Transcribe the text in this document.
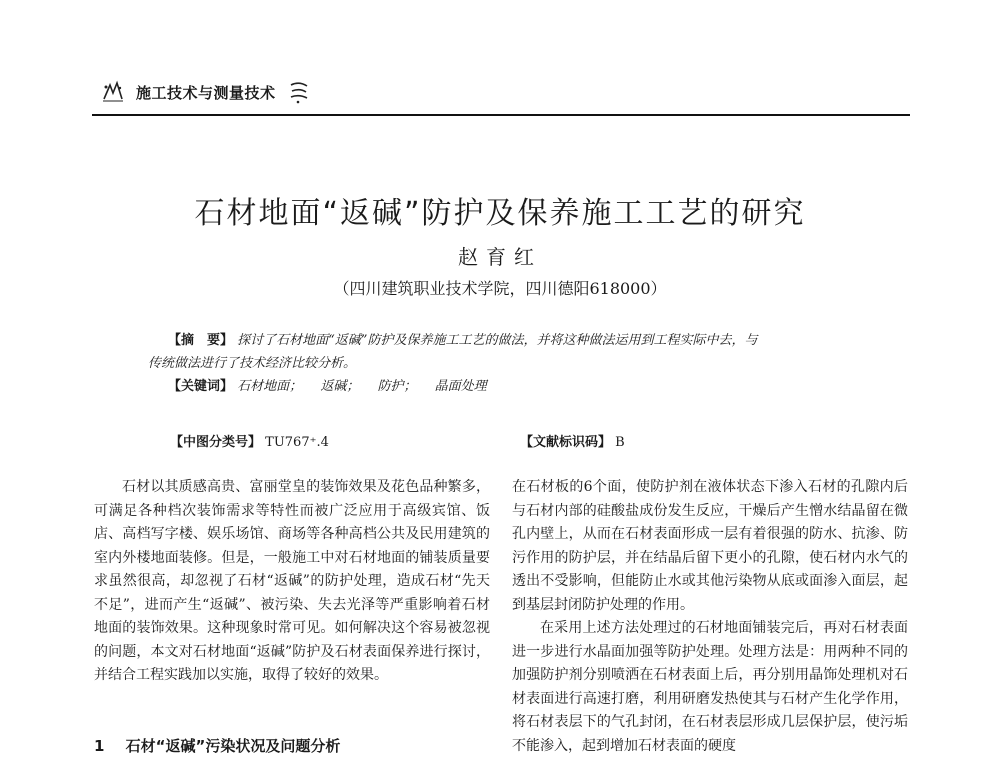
施工技术与测量技术
石材地面“返碱”防护及保养施工工艺的研究
赵育红
（四川建筑职业技术学院，四川德阳618000）
【摘　要】 探讨了石材地面“返碱”防护及保养施工工艺的做法，并将这种做法运用到工程实际中去，与
传统做法进行了技术经济比较分析。
【关键词】 石材地面； 返碱； 防护； 晶面处理
【中图分类号】 TU767⁺.4	【文献标识码】 B

石材以其质感高贵、富丽堂皇的装饰效果及花色品种繁多，可满足各种档次装饰需求等特性而被广泛应用于高级宾馆、饭店、高档写字楼、娱乐场馆、商场等各种高档公共及民用建筑的室内外楼地面装修。但是，一般施工中对石材地面的铺装质量要求虽然很高，却忽视了石材“返碱”的防护处理，造成石材“先天不足”，进而产生“返碱”、被污染、失去光泽等严重影响着石材地面的装饰效果。这种现象时常可见。如何解决这个容易被忽视的问题，本文对石材地面“返碱”防护及石材表面保养进行探讨，并结合工程实践加以实施，取得了较好的效果。

在石材板的6个面，使防护剂在液体状态下渗入石材的孔隙内后与石材内部的硅酸盐成份发生反应，干燥后产生憎水结晶留在微孔内壁上，从而在石材表面形成一层有着很强的防水、抗渗、防污作用的防护层，并在结晶后留下更小的孔隙，使石材内水气的透出不受影响，但能防止水或其他污染物从底或面渗入面层，起到基层封闭防护处理的作用。

在采用上述方法处理过的石材地面铺装完后，再对石材表面进一步进行水晶面加强等防护处理。处理方法是：用两种不同的加强防护剂分别喷洒在石材表面上后，再分别用晶饰处理机对石材表面进行高速打磨，利用研磨发热使其与石材产生化学作用，将石材表层下的气孔封闭，在石材表层形成几层保护层，使污垢不能渗入，起到增加石材表面的硬度

1 石材“返碱”污染状况及问题分析
